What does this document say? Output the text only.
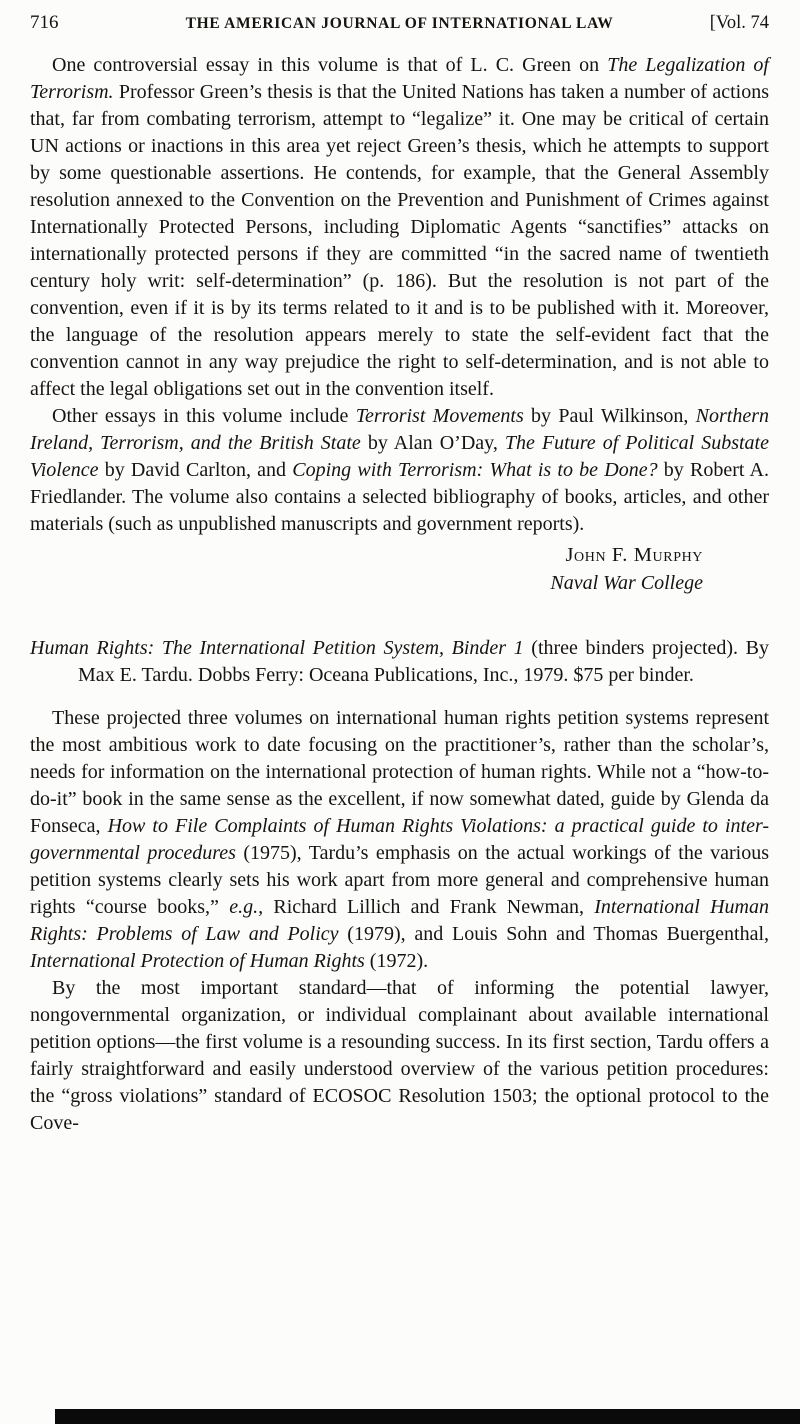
716	THE AMERICAN JOURNAL OF INTERNATIONAL LAW	[Vol. 74

One controversial essay in this volume is that of L. C. Green on The Legalization of Terrorism. Professor Green’s thesis is that the United Nations has taken a number of actions that, far from combating terrorism, attempt to “legalize” it. One may be critical of certain UN actions or inactions in this area yet reject Green’s thesis, which he attempts to support by some questionable assertions. He contends, for example, that the General Assembly resolution annexed to the Convention on the Prevention and Punishment of Crimes against Internationally Protected Persons, including Diplomatic Agents “sanctifies” attacks on internationally protected persons if they are committed “in the sacred name of twentieth century holy writ: self-determination” (p. 186). But the resolution is not part of the convention, even if it is by its terms related to it and is to be published with it. Moreover, the language of the resolution appears merely to state the self-evident fact that the convention cannot in any way prejudice the right to self-determination, and is not able to affect the legal obligations set out in the convention itself.

Other essays in this volume include Terrorist Movements by Paul Wilkinson, Northern Ireland, Terrorism, and the British State by Alan O’Day, The Future of Political Substate Violence by David Carlton, and Coping with Terrorism: What is to be Done? by Robert A. Friedlander. The volume also contains a selected bibliography of books, articles, and other materials (such as unpublished manuscripts and government reports).

John F. Murphy
Naval War College

Human Rights: The International Petition System, Binder 1 (three binders projected). By Max E. Tardu. Dobbs Ferry: Oceana Publications, Inc., 1979. $75 per binder.

These projected three volumes on international human rights petition systems represent the most ambitious work to date focusing on the practitioner’s, rather than the scholar’s, needs for information on the international protection of human rights. While not a “how-to-do-it” book in the same sense as the excellent, if now somewhat dated, guide by Glenda da Fonseca, How to File Complaints of Human Rights Violations: a practical guide to inter-governmental procedures (1975), Tardu’s emphasis on the actual workings of the various petition systems clearly sets his work apart from more general and comprehensive human rights “course books,” e.g., Richard Lillich and Frank Newman, International Human Rights: Problems of Law and Policy (1979), and Louis Sohn and Thomas Buergenthal, International Protection of Human Rights (1972).

By the most important standard—that of informing the potential lawyer, nongovernmental organization, or individual complainant about available international petition options—the first volume is a resounding success. In its first section, Tardu offers a fairly straightforward and easily understood overview of the various petition procedures: the “gross violations” standard of ECOSOC Resolution 1503; the optional protocol to the Cove-
